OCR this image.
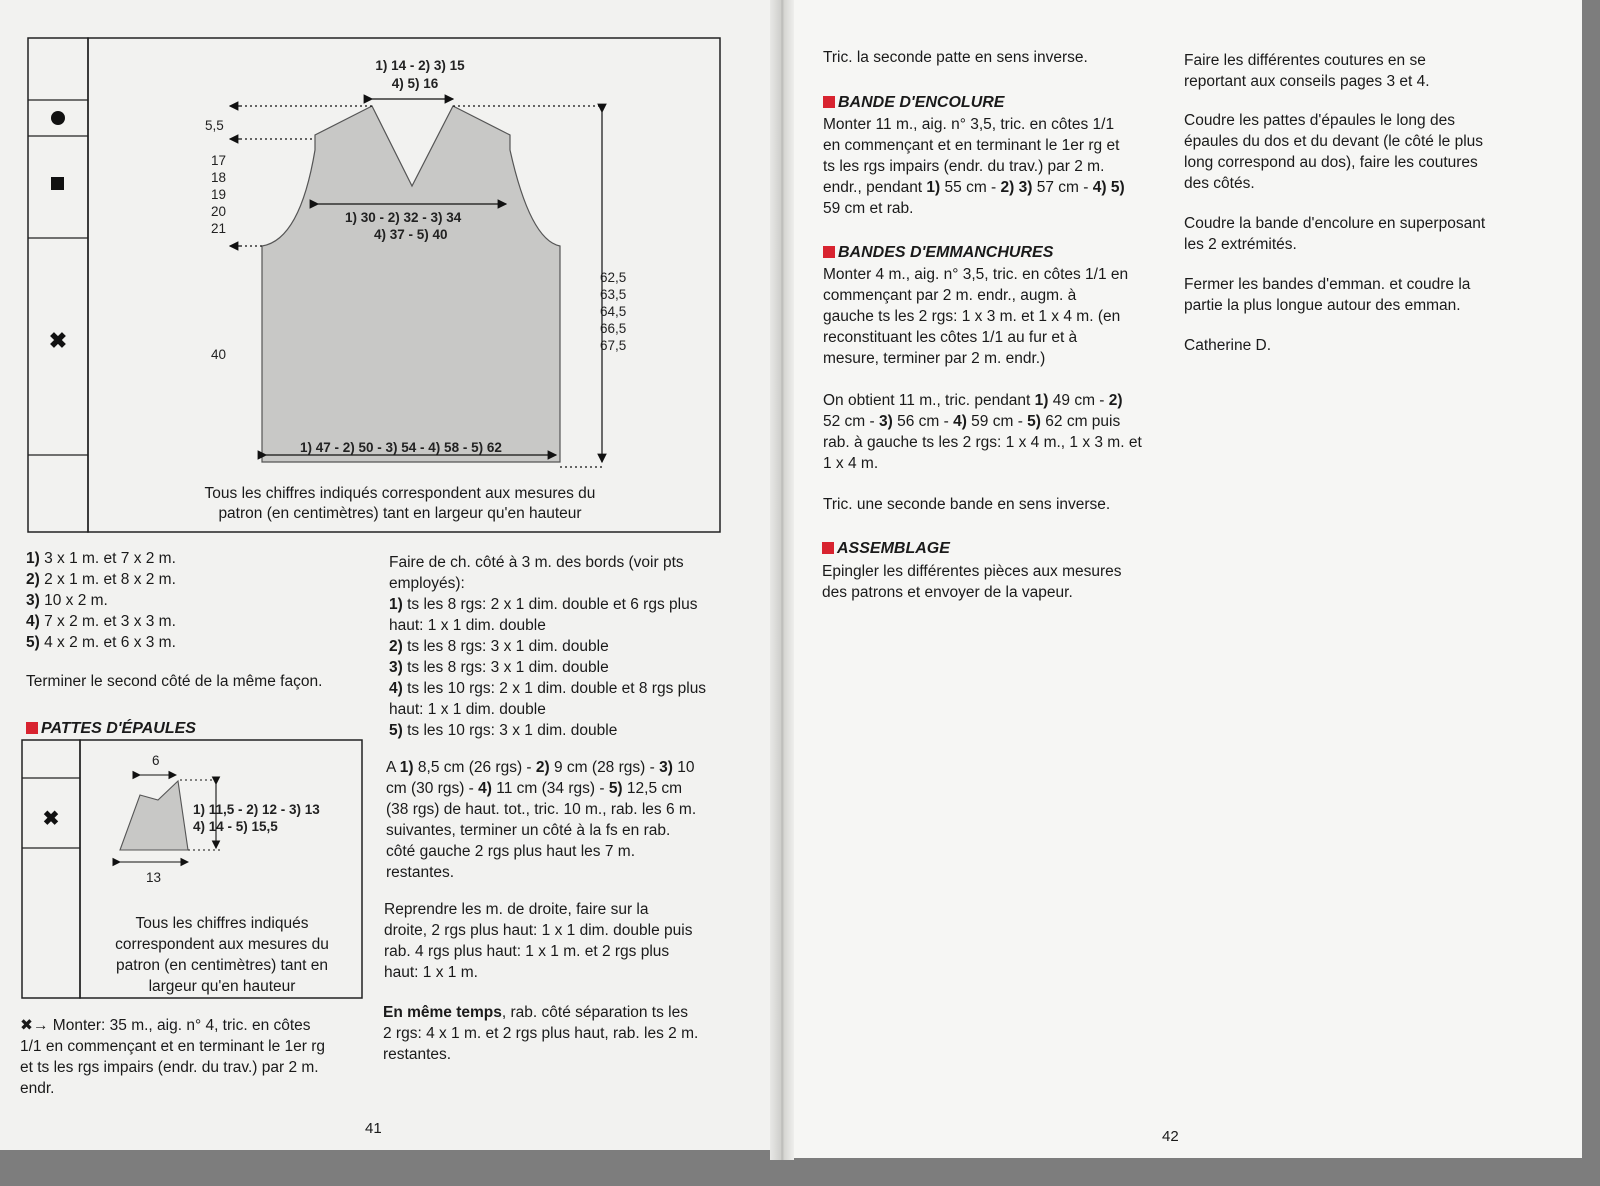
✖
1) 14 - 2) 3) 15
4) 5) 16
5,5
17
18
19
20
21
40
1) 30 - 2) 32 - 3) 34
4) 37 - 5) 40
62,5
63,5
64,5
66,5
67,5
1) 47 - 2) 50 - 3) 54 - 4) 58 - 5) 62
Tous les chiffres indiqués correspondent aux mesures du
patron (en centimètres) tant en largeur qu'en hauteur
1) 3 x 1 m. et 7 x 2 m.
2) 2 x 1 m. et 8 x 2 m.
3) 10 x 2 m.
4) 7 x 2 m. et 3 x 3 m.
5) 4 x 2 m. et 6 x 3 m.
Terminer le second côté de la même façon.
PATTES D'ÉPAULES
✖
6
1) 11,5 - 2) 12 - 3) 13
4) 14 - 5) 15,5
13
Tous les chiffres indiqués
correspondent aux mesures du
patron (en centimètres) tant en
largeur qu'en hauteur
✖→ Monter: 35 m., aig. n° 4, tric. en côtes
1/1 en commençant et en terminant le 1er rg
et ts les rgs impairs (endr. du trav.) par 2 m.
endr.
Faire de ch. côté à 3 m. des bords (voir pts
employés):
1) ts les 8 rgs: 2 x 1 dim. double et 6 rgs plus
haut: 1 x 1 dim. double
2) ts les 8 rgs: 3 x 1 dim. double
3) ts les 8 rgs: 3 x 1 dim. double
4) ts les 10 rgs: 2 x 1 dim. double et 8 rgs plus
haut: 1 x 1 dim. double
5) ts les 10 rgs: 3 x 1 dim. double
A 1) 8,5 cm (26 rgs) - 2) 9 cm (28 rgs) - 3) 10
cm (30 rgs) - 4) 11 cm (34 rgs) - 5) 12,5 cm
(38 rgs) de haut. tot., tric. 10 m., rab. les 6 m.
suivantes, terminer un côté à la fs en rab.
côté gauche 2 rgs plus haut les 7 m.
restantes.
Reprendre les m. de droite, faire sur la
droite, 2 rgs plus haut: 1 x 1 dim. double puis
rab. 4 rgs plus haut: 1 x 1 m. et 2 rgs plus
haut: 1 x 1 m.
En même temps, rab. côté séparation ts les
2 rgs: 4 x 1 m. et 2 rgs plus haut, rab. les 2 m.
restantes.
41
Tric. la seconde patte en sens inverse.
BANDE D'ENCOLURE
Monter 11 m., aig. n° 3,5, tric. en côtes 1/1
en commençant et en terminant le 1er rg et
ts les rgs impairs (endr. du trav.) par 2 m.
endr., pendant 1) 55 cm - 2) 3) 57 cm - 4) 5)
59 cm et rab.
BANDES D'EMMANCHURES
Monter 4 m., aig. n° 3,5, tric. en côtes 1/1 en
commençant par 2 m. endr., augm. à
gauche ts les 2 rgs: 1 x 3 m. et 1 x 4 m. (en
reconstituant les côtes 1/1 au fur et à
mesure, terminer par 2 m. endr.)
On obtient 11 m., tric. pendant 1) 49 cm - 2)
52 cm - 3) 56 cm - 4) 59 cm - 5) 62 cm puis
rab. à gauche ts les 2 rgs: 1 x 4 m., 1 x 3 m. et
1 x 4 m.
Tric. une seconde bande en sens inverse.
ASSEMBLAGE
Epingler les différentes pièces aux mesures
des patrons et envoyer de la vapeur.
Faire les différentes coutures en se
reportant aux conseils pages 3 et 4.
Coudre les pattes d'épaules le long des
épaules du dos et du devant (le côté le plus
long correspond au dos), faire les coutures
des côtés.
Coudre la bande d'encolure en superposant
les 2 extrémités.
Fermer les bandes d'emman. et coudre la
partie la plus longue autour des emman.
Catherine D.
42
